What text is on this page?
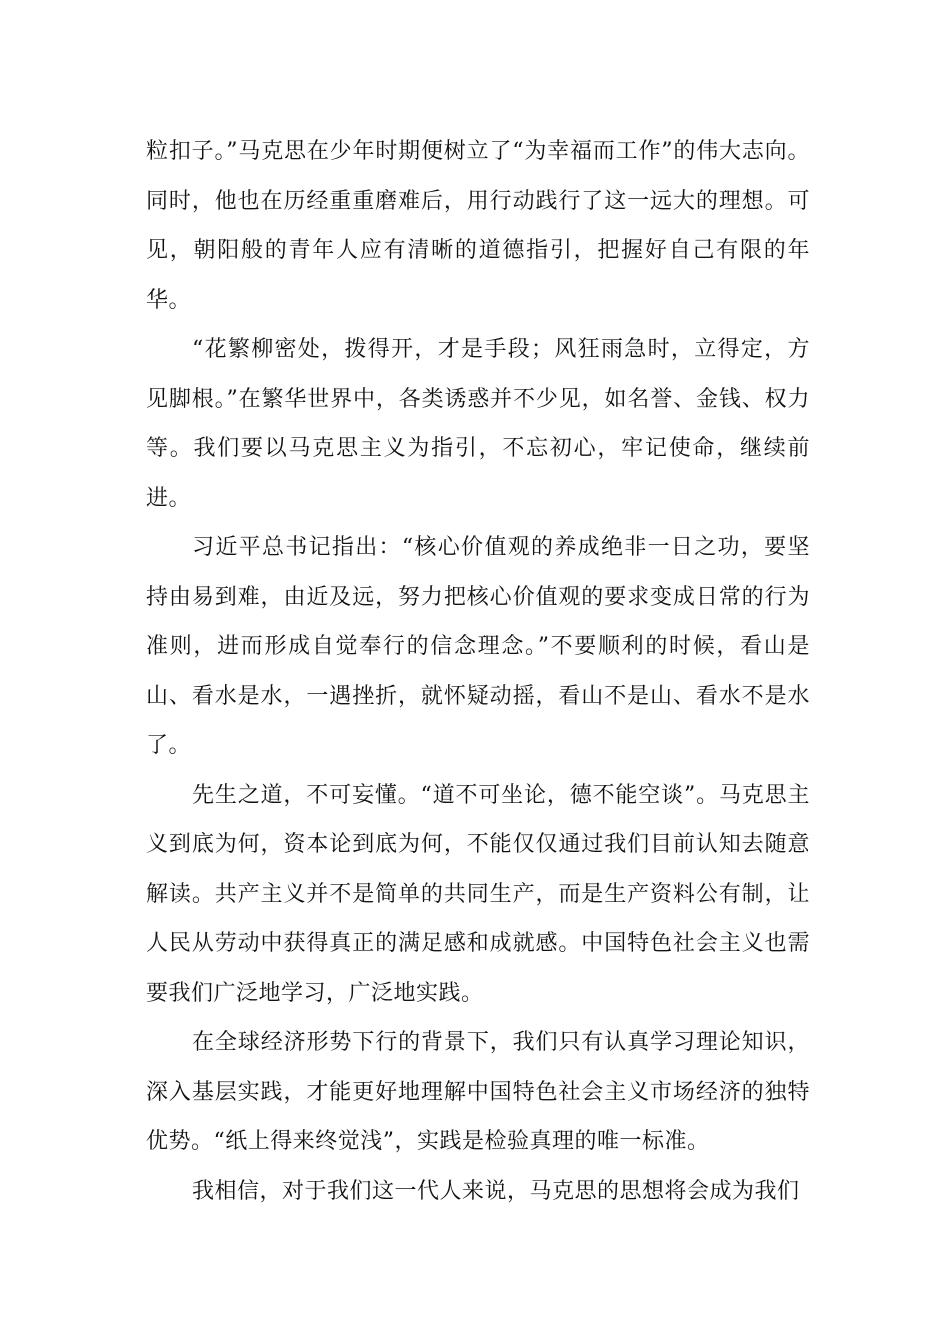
粒扣子。”马克思在少年时期便树立了“为幸福而工作”的伟大志向。同时，他也在历经重重磨难后，用行动践行了这一远大的理想。可见，朝阳般的青年人应有清晰的道德指引，把握好自己有限的年华。

“花繁柳密处，拨得开，才是手段；风狂雨急时，立得定，方见脚根。”在繁华世界中，各类诱惑并不少见，如名誉、金钱、权力等。我们要以马克思主义为指引，不忘初心，牢记使命，继续前进。

习近平总书记指出：“核心价值观的养成绝非一日之功，要坚持由易到难，由近及远，努力把核心价值观的要求变成日常的行为准则，进而形成自觉奉行的信念理念。”不要顺利的时候，看山是山、看水是水，一遇挫折，就怀疑动摇，看山不是山、看水不是水了。

先生之道，不可妄懂。“道不可坐论，德不能空谈”。马克思主义到底为何，资本论到底为何，不能仅仅通过我们目前认知去随意解读。共产主义并不是简单的共同生产，而是生产资料公有制，让人民从劳动中获得真正的满足感和成就感。中国特色社会主义也需要我们广泛地学习，广泛地实践。

在全球经济形势下行的背景下，我们只有认真学习理论知识，深入基层实践，才能更好地理解中国特色社会主义市场经济的独特优势。“纸上得来终觉浅”，实践是检验真理的唯一标准。

我相信，对于我们这一代人来说，马克思的思想将会成为我们
